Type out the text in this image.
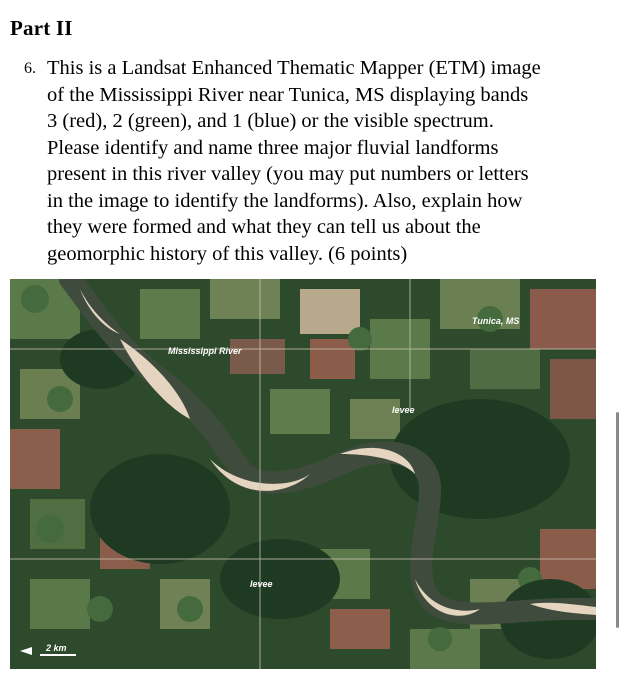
Part II
6. This is a Landsat Enhanced Thematic Mapper (ETM) image
of the Mississippi River near Tunica, MS displaying bands
3 (red), 2 (green), and 1 (blue) or the visible spectrum.
Please identify and name three major fluvial landforms
present in this river valley (you may put numbers or letters
in the image to identify the landforms). Also, explain how
they were formed and what they can tell us about the
geomorphic history of this valley. (6 points)
Mississippi River
Tunica, MS
levee
levee
2 km
